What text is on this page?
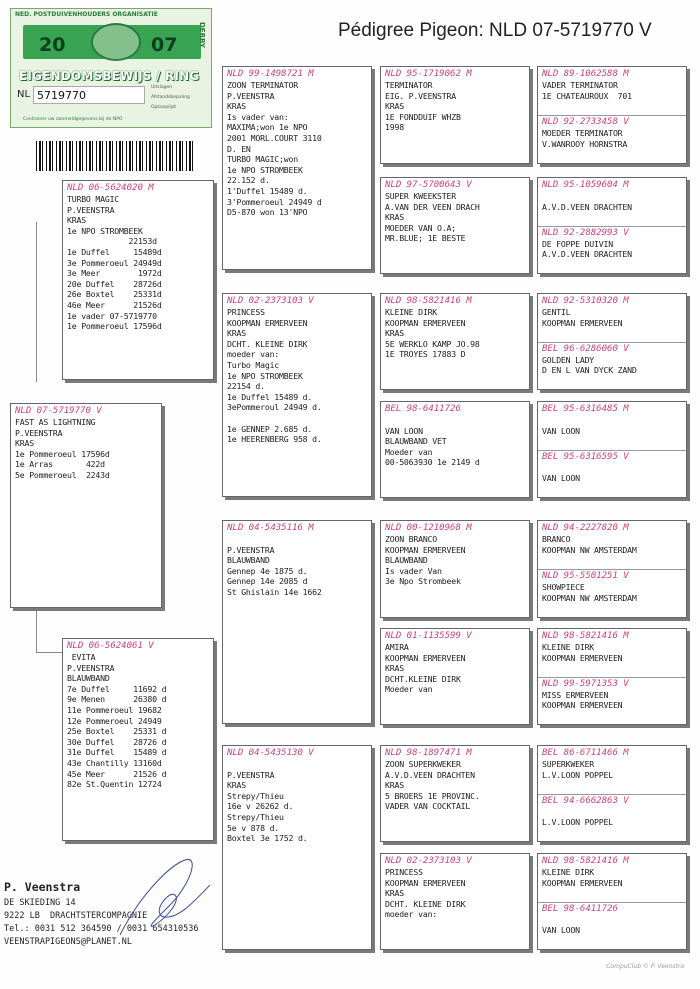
Pédigree Pigeon: NLD 07-5719770 V
NED. POSTDUIVENHOUDERS ORGANISATIE
20	07	DERBY
EIGENDOMSBEWIJS / RING
NL 5719770
Uitslagen
Afstandsbepaling
Opkooplijst
Controleer uw aanmeldgegevens bij de NPO
NLD 07-5719770 V
FAST AS LIGHTNING
P.VEENSTRA
KRAS
1e Pommeroeul 17596d
1e Arras       422d
5e Pommeroeul  2243d
NLD 06-5624020 M
TURBO MAGIC
P.VEENSTRA
KRAS
1e NPO STROMBEEK
22153d
1e Duffel     15489d
3e Pommeroeul 24949d
3e Meer        1972d
20e Duffel    28726d
26e Boxtel    25331d
46e Meer      21526d
1e vader 07-5719770
1e Pommeroeul 17596d
NLD 06-5624061 V
EVITA
P.VEENSTRA
BLAUWBAND
7e Duffel     11692 d
9e Menen      26380 d
11e Pommeroeul 19682
12e Pommeroeul 24949
25e Boxtel    25331 d
30e Duffel    28726 d
31e Duffel    15489 d
43e Chantilly 13160d
45e Meer      21526 d
82e St.Quentin 12724
NLD 99-1498721 M
ZOON TERMINATOR
P.VEENSTRA
KRAS
Is vader van:
MAXIMA;won 1e NPO
2001 MORL.COURT 3110
D. EN
TURBO MAGIC;won
1e NPO STROMBEEK
22.152 d.
1'Duffel 15489 d.
3'Pommeroeul 24949 d
D5-870 won 13'NPO
NLD 02-2373103 V
PRINCESS
KOOPMAN ERMERVEEN
KRAS
DCHT. KLEINE DIRK
moeder van:
Turbo Magic
1e NPO STROMBEEK
22154 d.
1e Duffel 15489 d.
3ePommeroul 24949 d.

1e GENNEP 2.685 d.
1e HEERENBERG 958 d.
NLD 04-5435116 M

P.VEENSTRA
BLAUWBAND
Gennep 4e 1875 d.
Gennep 14e 2085 d
St Ghislain 14e 1662
NLD 04-5435130 V

P.VEENSTRA
KRAS
Strepy/Thieu
16e v 26262 d.
Strepy/Thieu
5e v 878 d.
Boxtel 3e 1752 d.
NLD 95-1719062 M
TERMINATOR
EIG. P.VEENSTRA
KRAS
1E FONDDUIF WHZB
1998
NLD 97-5700643 V
SUPER KWEEKSTER
A.VAN DER VEEN DRACH
KRAS
MOEDER VAN O.A;
MR.BLUE; 1E BESTE
NLD 98-5821416 M
KLEINE DIRK
KOOPMAN ERMERVEEN
KRAS
5E WERKLO KAMP JO.98
1E TROYES 17883 D
BEL 98-6411726

VAN LOON
BLAUWBAND VET
Moeder van
00-5063930 1e 2149 d
NLD 00-1210968 M
ZOON BRANCO
KOOPMAN ERMERVEEN
BLAUWBAND
Is vader Van
3e Npo Strombeek
NLD 01-1135599 V
AMIRA
KOOPMAN ERMERVEEN
KRAS
DCHT.KLEINE DIRK
Moeder van
NLD 98-1897471 M
ZOON SUPERKWEKER
A.V.D.VEEN DRACHTEN
KRAS
5 BROERS 1E PROVINC.
VADER VAN COCKTAIL
NLD 02-2373103 V
PRINCESS
KOOPMAN ERMERVEEN
KRAS
DCHT. KLEINE DIRK
moeder van:
NLD 89-1062588 M
VADER TERMINATOR
1E CHATEAUROUX  701
NLD 92-2733458 V
MOEDER TERMINATOR
V.WANROOY HORNSTRA
NLD 95-1059604 M

A.V.D.VEEN DRACHTEN
NLD 92-2882993 V
DE FOPPE DUIVIN
A.V.D.VEEN DRACHTEN
NLD 92-5310320 M
GENTIL
KOOPMAN ERMERVEEN
BEL 96-6286060 V
GOLDEN LADY
D EN L VAN DYCK ZAND
BEL 95-6316485 M

VAN LOON
BEL 95-6316595 V

VAN LOON
NLD 94-2227820 M
BRANCO
KOOPMAN NW AMSTERDAM
NLD 95-5501251 V
SHOWPIECE
KOOPMAN NW AMSTERDAM
NLD 98-5821416 M
KLEINE DIRK
KOOPMAN ERMERVEEN
NLD 99-5971353 V
MISS ERMERVEEN
KOOPMAN ERMERVEEN
BEL 86-6711466 M
SUPERKWEKER
L.V.LOON POPPEL
BEL 94-6662863 V

L.V.LOON POPPEL
NLD 98-5821416 M
KLEINE DIRK
KOOPMAN ERMERVEEN
BEL 98-6411726

VAN LOON
P. Veenstra
DE SKIEDING 14
9222 LB  DRACHTSTERCOMPAGNIE
Tel.: 0031 512 364590 / 0031 654310536
VEENSTRAPIGEONS@PLANET.NL
CompuClub © P. Veenstra
